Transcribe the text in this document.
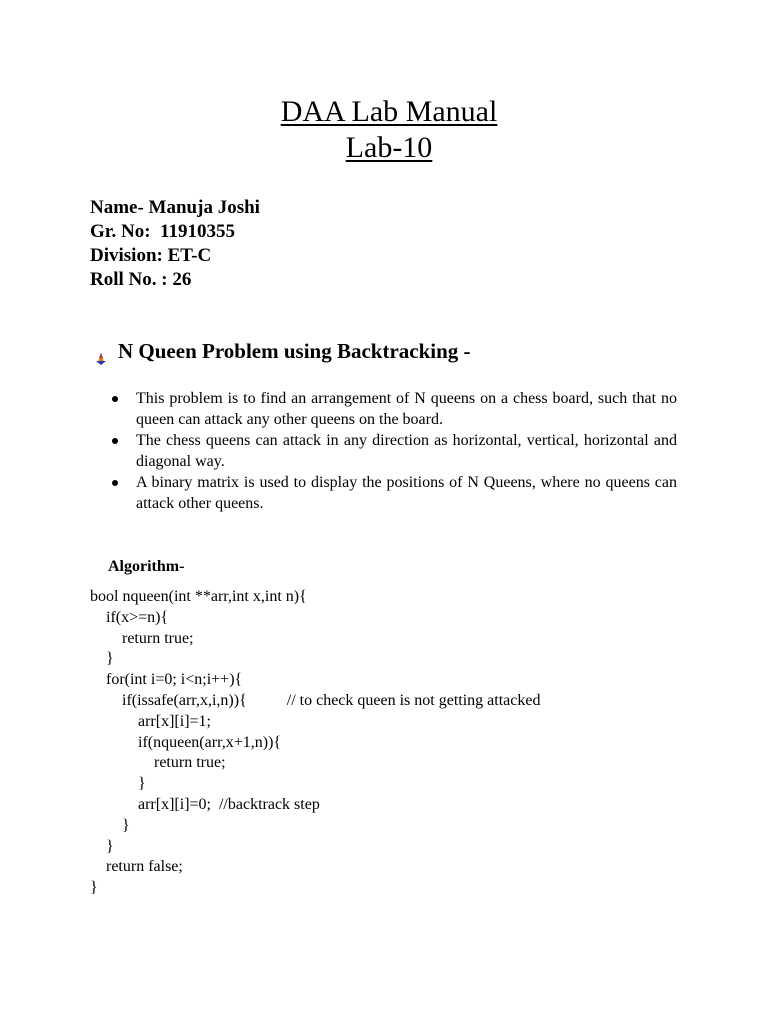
DAA Lab Manual
Lab-10
Name- Manuja Joshi
Gr. No:  11910355
Division: ET-C
Roll No. : 26
N Queen Problem using Backtracking -
This problem is to find an arrangement of N queens on a chess board, such that no queen can attack any other queens on the board.
The chess queens can attack in any direction as horizontal, vertical, horizontal and diagonal way.
A binary matrix is used to display the positions of N Queens, where no queens can attack other queens.
Algorithm-
bool nqueen(int **arr,int x,int n){
if(x>=n){
return true;
}
for(int i=0; i<n;i++){
if(issafe(arr,x,i,n)){          // to check queen is not getting attacked
arr[x][i]=1;
if(nqueen(arr,x+1,n)){
return true;
}
arr[x][i]=0;  //backtrack step
}
}
return false;
}
